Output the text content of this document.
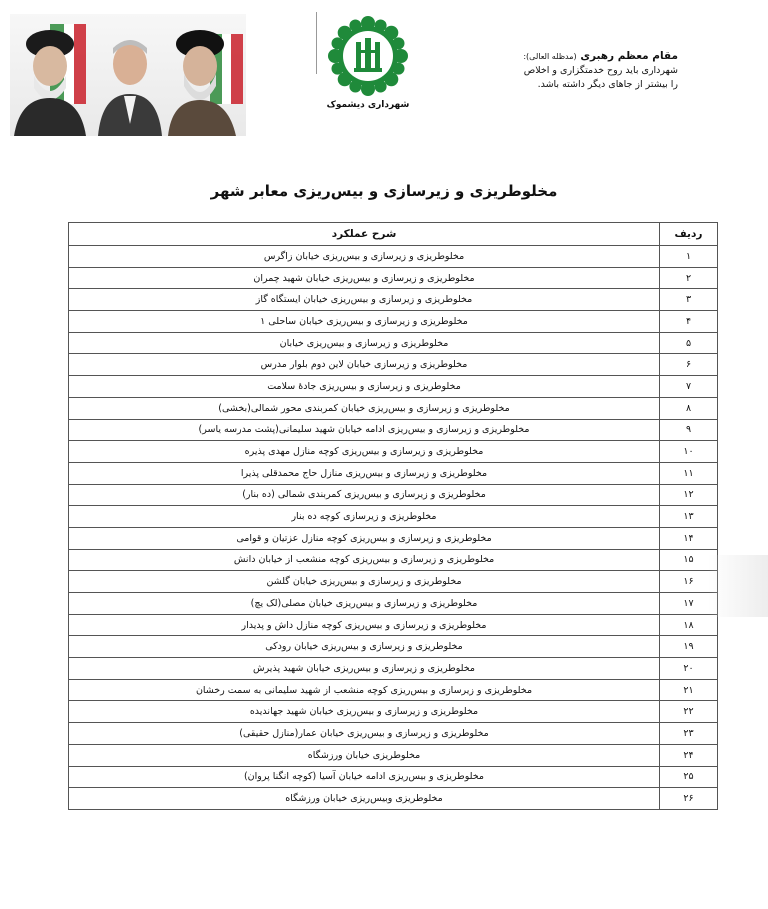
شهرداری دیشموک
مقام معظم رهبری (مدظله العالی):
شهرداری باید روح خدمتگزاری و اخلاص
را بیشتر از جاهای دیگر داشته باشد.
مخلوطریزی و زیرسازی و بیس‌ریزی معابر شهر
ردیف	شرح عملکرد
۱	مخلوطریزی و زیرسازی و بیس‌ریزی خیابان زاگرس
۲	مخلوطریزی و زیرسازی و بیس‌ریزی خیابان شهید چمران
۳	مخلوطریزی و زیرسازی و بیس‌ریزی خیابان ایستگاه گاز
۴	مخلوطریزی و زیرسازی و بیس‌ریزی خیابان ساحلی ۱
۵	مخلوطریزی و زیرسازی و بیس‌ریزی خیابان
۶	مخلوطریزی و زیرسازی خیابان لاین دوم بلوار مدرس
۷	مخلوطریزی و زیرسازی و بیس‌ریزی جادهٔ سلامت
۸	مخلوطریزی و زیرسازی و بیس‌ریزی خیابان کمربندی محور شمالی(بخشی)
۹	مخلوطریزی و زیرسازی و بیس‌ریزی ادامه خیابان شهید سلیمانی(پشت مدرسه یاسر)
۱۰	مخلوطریزی و زیرسازی و بیس‌ریزی کوچه منازل مهدی پذیره
۱۱	مخلوطریزی و زیرسازی و بیس‌ریزی منازل حاج محمدقلی پذیرا
۱۲	مخلوطریزی و زیرسازی و بیس‌ریزی کمربندی شمالی (ده بنار)
۱۳	مخلوطریزی و زیرسازی کوچه ده بنار
۱۴	مخلوطریزی و زیرسازی و بیس‌ریزی کوچه منازل عزتیان و قوامی
۱۵	مخلوطریزی و زیرسازی و بیس‌ریزی کوچه منشعب از خیابان دانش
۱۶	مخلوطریزی و زیرسازی و بیس‌ریزی خیابان گلشن
۱۷	مخلوطریزی و زیرسازی و بیس‌ریزی خیابان مصلی(لک یچ)
۱۸	مخلوطریزی و زیرسازی و بیس‌ریزی کوچه منازل داش و پدیدار
۱۹	مخلوطریزی و زیرسازی و بیس‌ریزی خیابان رودکی
۲۰	مخلوطریزی و زیرسازی و بیس‌ریزی خیابان شهید پذیرش
۲۱	مخلوطریزی و زیرسازی و بیس‌ریزی کوچه منشعب از شهید سلیمانی به سمت رخشان
۲۲	مخلوطریزی و زیرسازی و بیس‌ریزی خیابان شهید جهاندیده
۲۳	مخلوطریزی و زیرسازی و بیس‌ریزی خیابان عمار(منازل حقیقی)
۲۴	مخلوطریزی خیابان ورزشگاه
۲۵	مخلوطریزی و بیس‌ریزی ادامه خیابان آسیا (کوچه انگنا پروان)
۲۶	مخلوطریزی وبیس‌ریزی خیابان ورزشگاه
